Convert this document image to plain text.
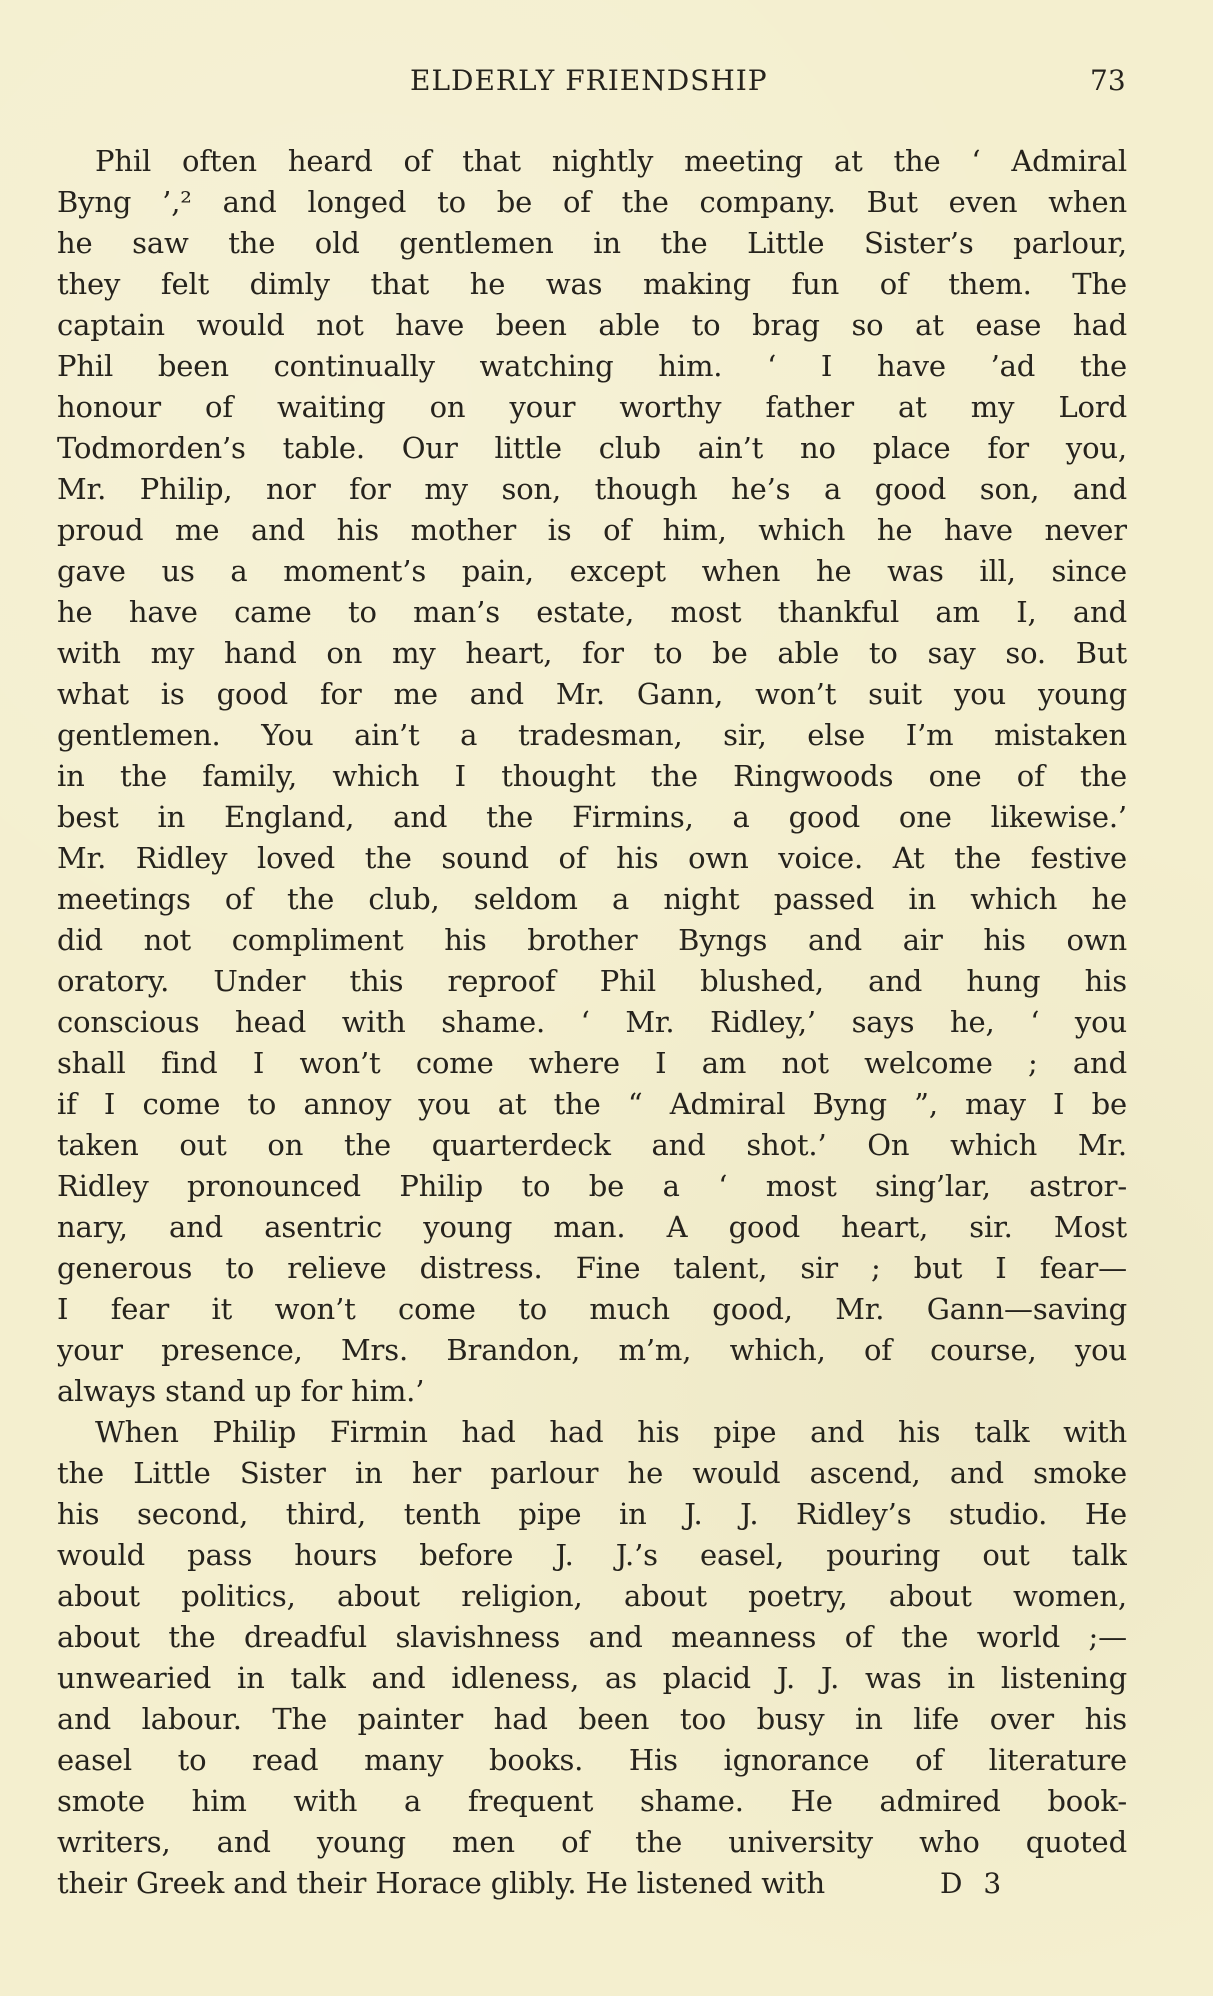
ELDERLY FRIENDSHIP	73
Phil often heard of that nightly meeting at the ‘ Admiral
Byng ’,² and longed to be of the company. But even when
he saw the old gentlemen in the Little Sister’s parlour,
they felt dimly that he was making fun of them. The
captain would not have been able to brag so at ease had
Phil been continually watching him. ‘ I have ’ad the
honour of waiting on your worthy father at my Lord
Todmorden’s table. Our little club ain’t no place for you,
Mr. Philip, nor for my son, though he’s a good son, and
proud me and his mother is of him, which he have never
gave us a moment’s pain, except when he was ill, since
he have came to man’s estate, most thankful am I, and
with my hand on my heart, for to be able to say so. But
what is good for me and Mr. Gann, won’t suit you young
gentlemen. You ain’t a tradesman, sir, else I’m mistaken
in the family, which I thought the Ringwoods one of the
best in England, and the Firmins, a good one likewise.’
Mr. Ridley loved the sound of his own voice. At the festive
meetings of the club, seldom a night passed in which he
did not compliment his brother Byngs and air his own
oratory. Under this reproof Phil blushed, and hung his
conscious head with shame. ‘ Mr. Ridley,’ says he, ‘ you
shall find I won’t come where I am not welcome ; and
if I come to annoy you at the “ Admiral Byng ”, may I be
taken out on the quarterdeck and shot.’ On which Mr.
Ridley pronounced Philip to be a ‘ most sing’lar, astror-
nary, and asentric young man. A good heart, sir. Most
generous to relieve distress. Fine talent, sir ; but I fear—
I fear it won’t come to much good, Mr. Gann—saving
your presence, Mrs. Brandon, m’m, which, of course, you
always stand up for him.’
When Philip Firmin had had his pipe and his talk with
the Little Sister in her parlour he would ascend, and smoke
his second, third, tenth pipe in J. J. Ridley’s studio. He
would pass hours before J. J.’s easel, pouring out talk
about politics, about religion, about poetry, about women,
about the dreadful slavishness and meanness of the world ;—
unwearied in talk and idleness, as placid J. J. was in listening
and labour. The painter had been too busy in life over his
easel to read many books. His ignorance of literature
smote him with a frequent shame. He admired book-
writers, and young men of the university who quoted
their Greek and their Horace glibly. He listened with	D 3
